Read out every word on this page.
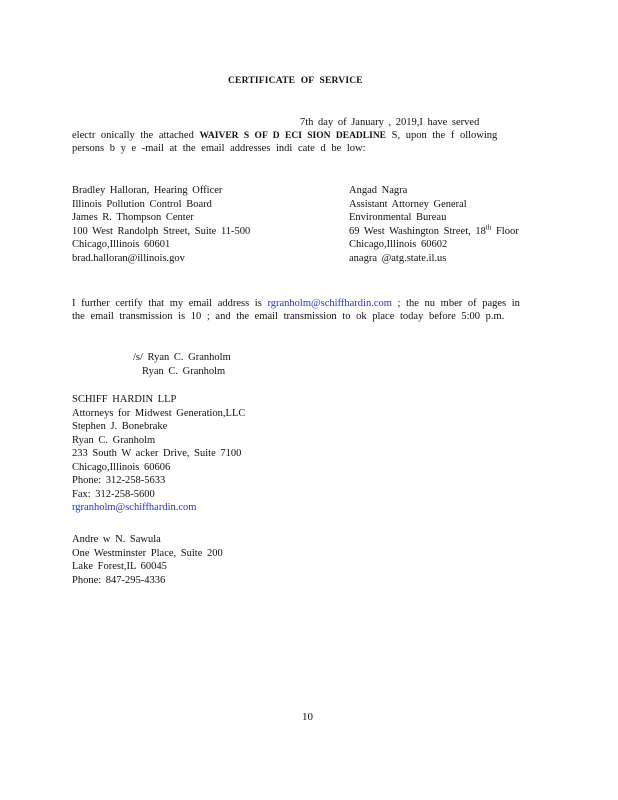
CERTIFICATE OF SERVICE
7th day of January , 2019,I have served
electr onically the attached WAIVER S OF D ECI SION DEADLINE S, upon the f ollowing
persons b y e -mail at the email addresses indi cate d be low:
Bradley Halloran, Hearing Officer
Illinois Pollution Control Board
James R. Thompson Center
100 West Randolph Street, Suite 11-500
Chicago,Illinois 60601
brad.halloran@illinois.gov
Angad Nagra
Assistant Attorney General
Environmental Bureau
69 West Washington Street, 18th Floor
Chicago,Illinois 60602
anagra @atg.state.il.us
I further certify that my email address is rgranholm@schiffhardin.com ; the nu mber of pages in
the email transmission is 10 ; and the email transmission to ok place today before 5:00 p.m.
/s/ Ryan C. Granholm
Ryan C. Granholm
SCHIFF HARDIN LLP
Attorneys for Midwest Generation,LLC
Stephen J. Bonebrake
Ryan C. Granholm
233 South W acker Drive, Suite 7100
Chicago,Illinois 60606
Phone: 312-258-5633
Fax: 312-258-5600
rgranholm@schiffhardin.com
Andre w N. Sawula
One Westminster Place, Suite 200
Lake Forest,IL 60045
Phone: 847-295-4336
10
